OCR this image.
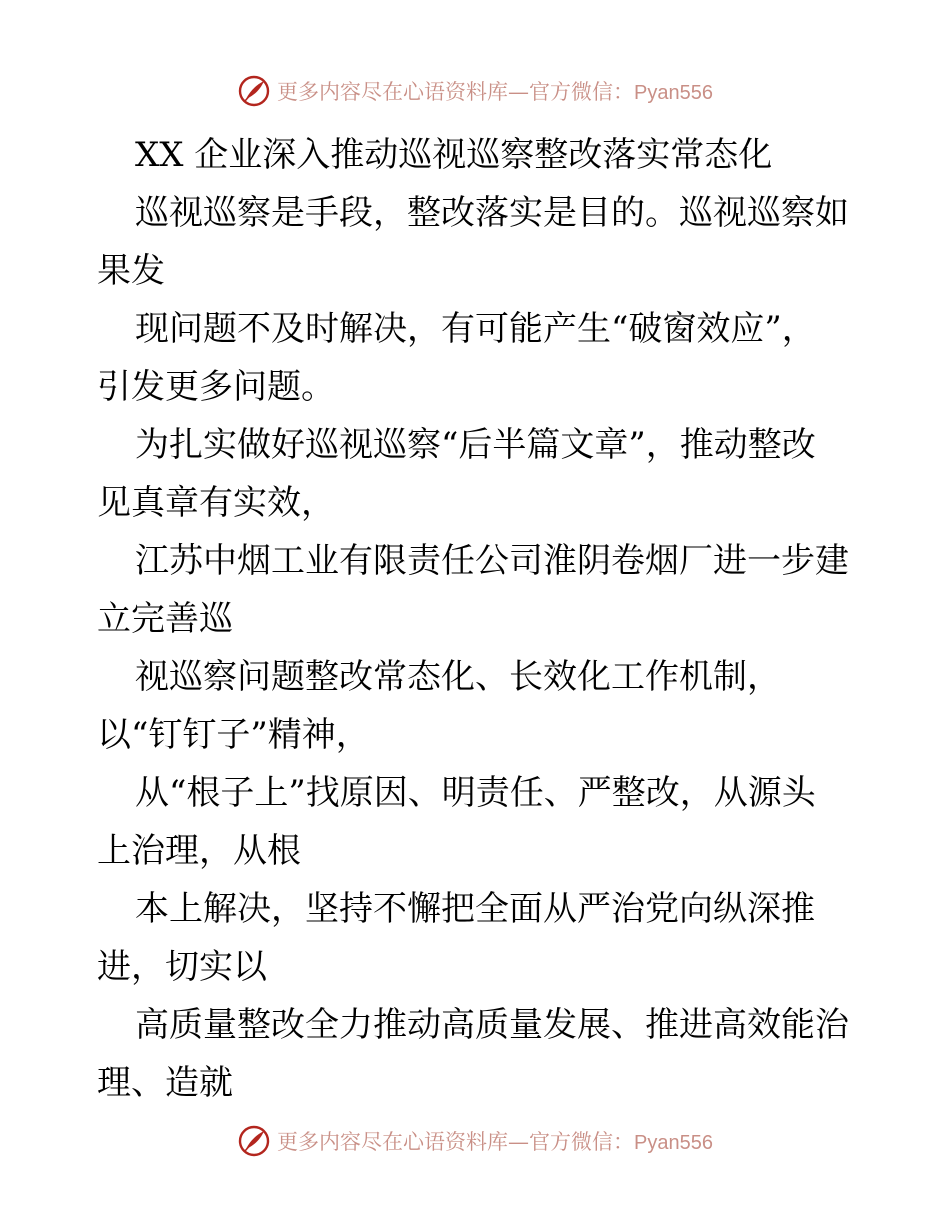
更多内容尽在心语资料库—官方微信：Pyan556
XX 企业深入推动巡视巡察整改落实常态化
巡视巡察是手段，整改落实是目的。巡视巡察如
果发
现问题不及时解决，有可能产生“破窗效应”，
引发更多问题。
为扎实做好巡视巡察“后半篇文章”，推动整改
见真章有实效，
江苏中烟工业有限责任公司淮阴卷烟厂进一步建
立完善巡
视巡察问题整改常态化、长效化工作机制，
以“钉钉子”精神，
从“根子上”找原因、明责任、严整改，从源头
上治理，从根
本上解决，坚持不懈把全面从严治党向纵深推
进，切实以
高质量整改全力推动高质量发展、推进高效能治
理、造就
更多内容尽在心语资料库—官方微信：Pyan556
